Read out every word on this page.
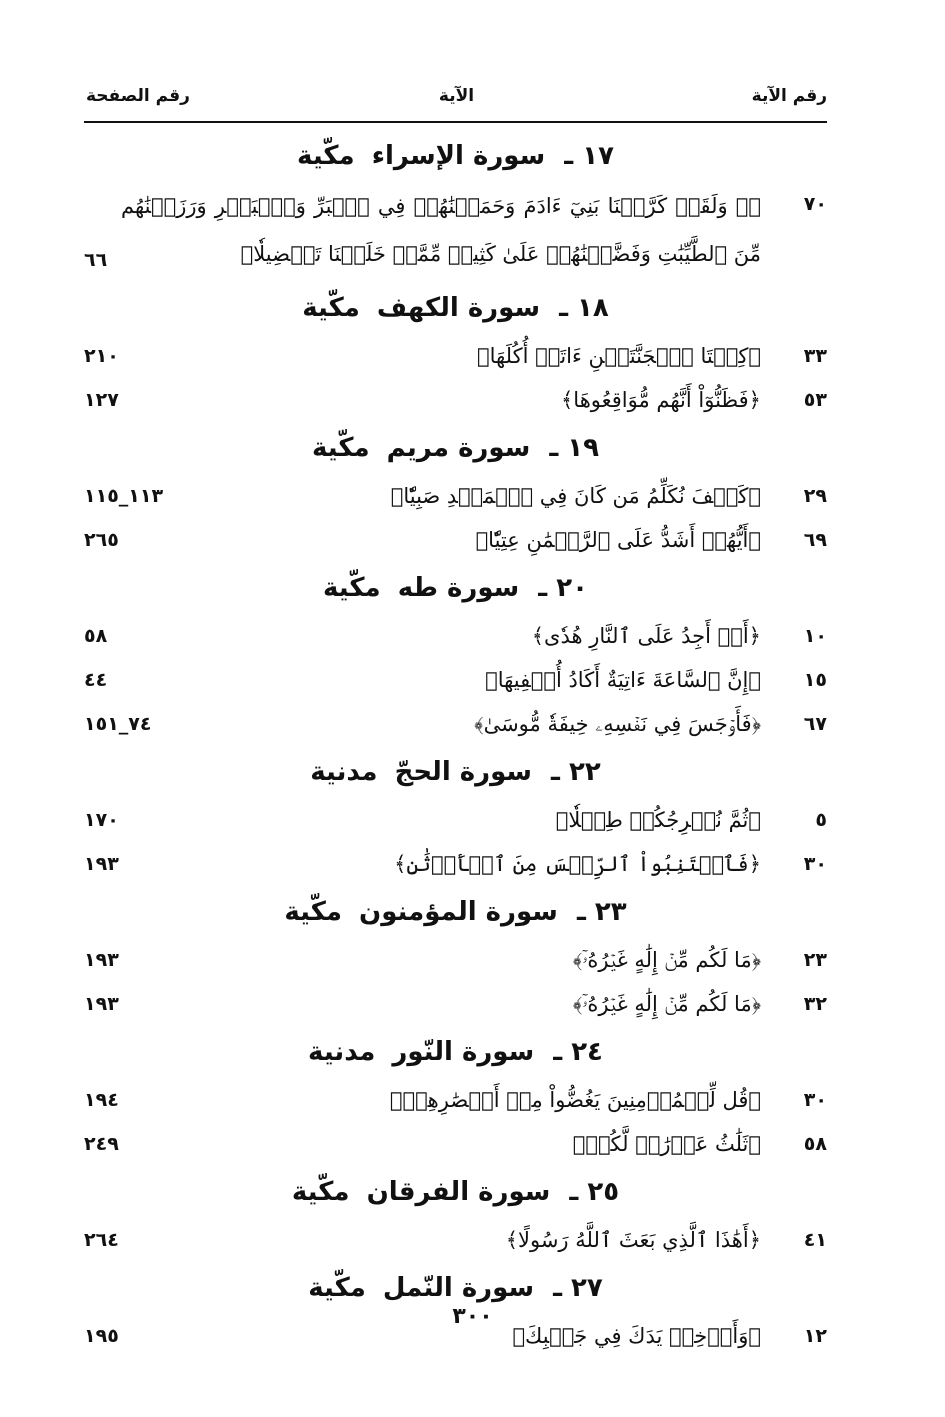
رقم الآية
الآية
رقم الصفحة
١٧ ـ سورة الإسراء مكّية
٧٠
﴿۞ وَلَقَدۡ كَرَّمۡنَا بَنِيٓ ءَادَمَ وَحَمَلۡنَٰهُمۡ فِي ٱلۡبَرِّ وَٱلۡبَحۡرِ وَرَزَقۡنَٰهُم مِّنَ ٱلطَّيِّبَٰتِ وَفَضَّلۡنَٰهُمۡ عَلَىٰ كَثِيرٖ مِّمَّنۡ خَلَقۡنَا تَفۡضِيلٗا﴾
٦٦
١٨ ـ سورة الكهف مكّية
٣٣
﴿كِلۡتَا ٱلۡجَنَّتَيۡنِ ءَاتَتۡ أُكُلَهَا﴾
٢١٠
٥٣
﴿فَظَنُّوٓاْ أَنَّهُم مُّوَاقِعُوهَا﴾
١٢٧
١٩ ـ سورة مريم مكّية
٢٩
﴿كَيۡفَ نُكَلِّمُ مَن كَانَ فِي ٱلۡمَهۡدِ صَبِيّٗا﴾
١١٣_١١٥
٦٩
﴿أَيُّهُمۡ أَشَدُّ عَلَى ٱلرَّحۡمَٰنِ عِتِيّٗا﴾
٢٦٥
٢٠ ـ سورة طه مكّية
١٠
﴿أَوۡ أَجِدُ عَلَى ٱلنَّارِ هُدٗى﴾
٥٨
١٥
﴿إِنَّ ٱلسَّاعَةَ ءَاتِيَةٌ أَكَادُ أُخۡفِيهَا﴾
٤٤
٦٧
﴿فَأَوۡجَسَ فِي نَفۡسِهِۦ خِيفَةٗ مُّوسَىٰ﴾
٧٤_١٥١
٢٢ ـ سورة الحجّ مدنية
٥
﴿ثُمَّ نُخۡرِجُكُمۡ طِفۡلٗا﴾
١٧٠
٣٠
﴿فَٱجۡتَنِبُواْ ٱلرِّجۡسَ مِنَ ٱلۡأَوۡثَٰنِ﴾
١٩٣
٢٣ ـ سورة المؤمنون مكّية
٢٣
﴿مَا لَكُم مِّنۡ إِلَٰهٍ غَيۡرُهُۥٓ﴾
١٩٣
٣٢
﴿مَا لَكُم مِّنۡ إِلَٰهٍ غَيۡرُهُۥٓ﴾
١٩٣
٢٤ ـ سورة النّور مدنية
٣٠
﴿قُل لِّلۡمُؤۡمِنِينَ يَغُضُّواْ مِنۡ أَبۡصَٰرِهِمۡ﴾
١٩٤
٥٨
﴿ثَلَٰثُ عَوۡرَٰتٖ لَّكُمۡ﴾
٢٤٩
٢٥ ـ سورة الفرقان مكّية
٤١
﴿أَهَٰذَا ٱلَّذِي بَعَثَ ٱللَّهُ رَسُولًا﴾
٢٦٤
٢٧ ـ سورة النّمل مكّية
١٢
﴿وَأَدۡخِلۡ يَدَكَ فِي جَيۡبِكَ﴾
١٩٥
٣٠٠
